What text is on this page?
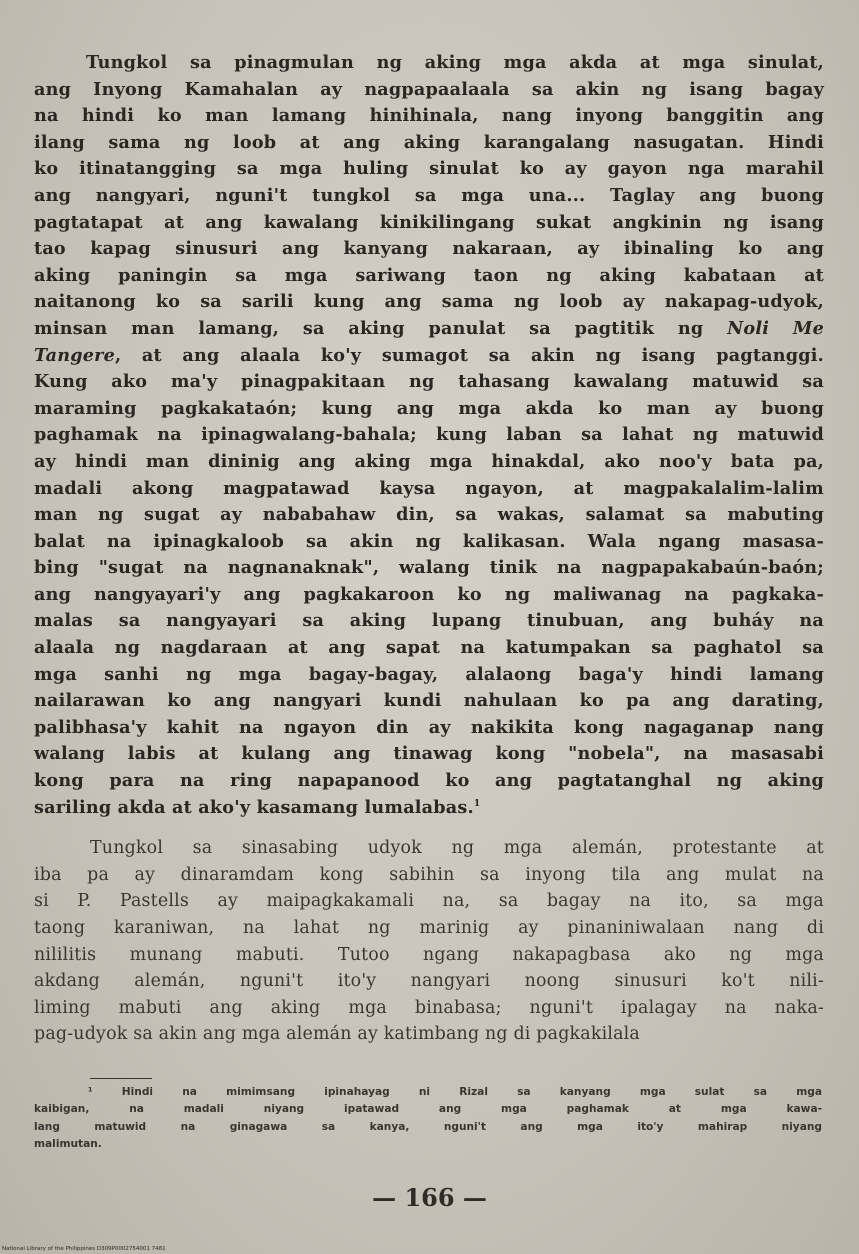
Tungkol sa pinagmulan ng aking mga akda at mga sinulat,
ang Inyong Kamahalan ay nagpapaalaala sa akin ng isang bagay
na hindi ko man lamang hinihinala, nang inyong banggitin ang
ilang sama ng loob at ang aking karangalang nasugatan. Hindi
ko itinatangging sa mga huling sinulat ko ay gayon nga marahil
ang nangyari, nguni't tungkol sa mga una... Taglay ang buong
pagtatapat at ang kawalang kinikilingang sukat angkinin ng isang
tao kapag sinusuri ang kanyang nakaraan, ay ibinaling ko ang
aking paningin sa mga sariwang taon ng aking kabataan at
naitanong ko sa sarili kung ang sama ng loob ay nakapag-udyok,
minsan man lamang, sa aking panulat sa pagtitik ng Noli Me
Tangere, at ang alaala ko'y sumagot sa akin ng isang pagtanggi.
Kung ako ma'y pinagpakitaan ng tahasang kawalang matuwid sa
maraming pagkakataón; kung ang mga akda ko man ay buong
paghamak na ipinagwalang-bahala; kung laban sa lahat ng matuwid
ay hindi man dininig ang aking mga hinakdal, ako noo'y bata pa,
madali akong magpatawad kaysa ngayon, at magpakalalim-lalim
man ng sugat ay nababahaw din, sa wakas, salamat sa mabuting
balat na ipinagkaloob sa akin ng kalikasan. Wala ngang masasa-
bing "sugat na nagnanaknak", walang tinik na nagpapakabaún-baón;
ang nangyayari'y ang pagkakaroon ko ng maliwanag na pagkaka-
malas sa nangyayari sa aking lupang tinubuan, ang buháy na
alaala ng nagdaraan at ang sapat na katumpakan sa paghatol sa
mga sanhi ng mga bagay-bagay, alalaong baga'y hindi lamang
nailarawan ko ang nangyari kundi nahulaan ko pa ang darating,
palibhasa'y kahit na ngayon din ay nakikita kong nagaganap nang
walang labis at kulang ang tinawag kong "nobela", na masasabi
kong para na ring napapanood ko ang pagtatanghal ng aking
sariling akda at ako'y kasamang lumalabas.$^1$
Tungkol sa sinasabing udyok ng mga alemán, protestante at
iba pa ay dinaramdam kong sabihin sa inyong tila ang mulat na
si P. Pastells ay maipagkakamali na, sa bagay na ito, sa mga
taong karaniwan, na lahat ng marinig ay pinaniniwalaan nang di
nililitis munang mabuti. Tutoo ngang nakapagbasa ako ng mga
akdang alemán, nguni't ito'y nangyari noong sinusuri ko't nili-
liming mabuti ang aking mga binabasa; nguni't ipalagay na naka-
pag-udyok sa akin ang mga alemán ay katimbang ng di pagkakilala
¹ Hindi na mimimsang ipinahayag ni Rizal sa kanyang mga sulat sa mga
kaibigan, na madali niyang ipatawad ang mga paghamak at mga kawa-
lang matuwid na ginagawa sa kanya, nguni't ang mga ito'y mahirap niyang
malimutan.
— 166 —
National Library of the Philippines D309P0002754001 7481
